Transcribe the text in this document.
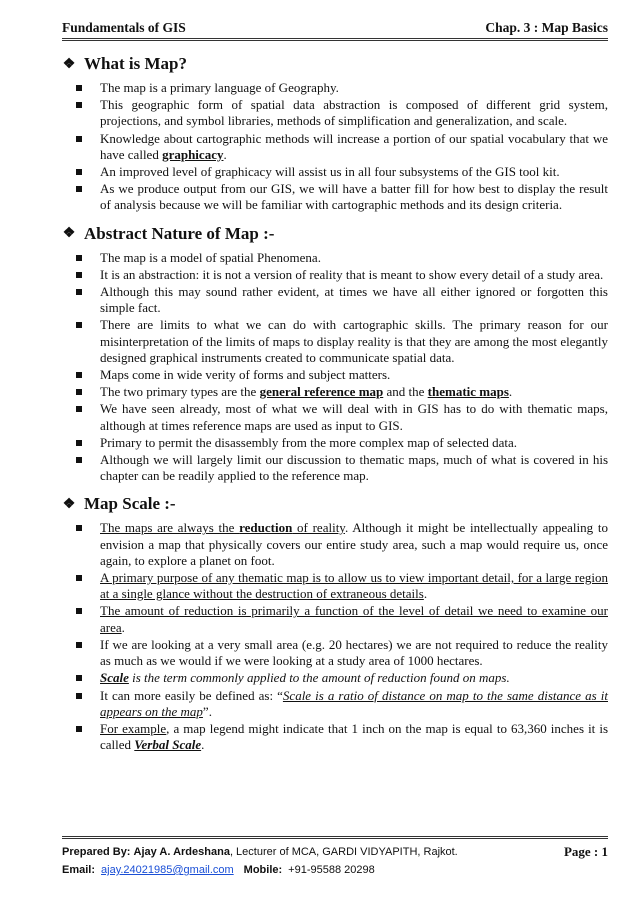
Fundamentals of GIS	Chap. 3 : Map Basics
❖ What is Map?
The map is a primary language of Geography.
This geographic form of spatial data abstraction is composed of different grid system, projections, and symbol libraries, methods of simplification and generalization, and scale.
Knowledge about cartographic methods will increase a portion of our spatial vocabulary that we have called graphicacy.
An improved level of graphicacy will assist us in all four subsystems of the GIS tool kit.
As we produce output from our GIS, we will have a batter fill for how best to display the result of analysis because we will be familiar with cartographic methods and its design criteria.
❖ Abstract Nature of Map :-
The map is a model of spatial Phenomena.
It is an abstraction: it is not a version of reality that is meant to show every detail of a study area.
Although this may sound rather evident, at times we have all either ignored or forgotten this simple fact.
There are limits to what we can do with cartographic skills. The primary reason for our misinterpretation of the limits of maps to display reality is that they are among the most elegantly designed graphical instruments created to communicate spatial data.
Maps come in wide verity of forms and subject matters.
The two primary types are the general reference map and the thematic maps.
We have seen already, most of what we will deal with in GIS has to do with thematic maps, although at times reference maps are used as input to GIS.
Primary to permit the disassembly from the more complex map of selected data.
Although we will largely limit our discussion to thematic maps, much of what is covered in his chapter can be readily applied to the reference map.
❖ Map Scale :-
The maps are always the reduction of reality. Although it might be intellectually appealing to envision a map that physically covers our entire study area, such a map would require us, once again, to explore a planet on foot.
A primary purpose of any thematic map is to allow us to view important detail, for a large region at a single glance without the destruction of extraneous details.
The amount of reduction is primarily a function of the level of detail we need to examine our area.
If we are looking at a very small area (e.g. 20 hectares) we are not required to reduce the reality as much as we would if we were looking at a study area of 1000 hectares.
Scale is the term commonly applied to the amount of reduction found on maps.
It can more easily be defined as: “Scale is a ratio of distance on map to the same distance as it appears on the map”.
For example, a map legend might indicate that 1 inch on the map is equal to 63,360 inches it is called Verbal Scale.
Prepared By: Ajay A. Ardeshana, Lecturer of MCA, GARDI VIDYAPITH, Rajkot.	Page : 1
Email: ajay.24021985@gmail.com Mobile: +91-95588 20298
